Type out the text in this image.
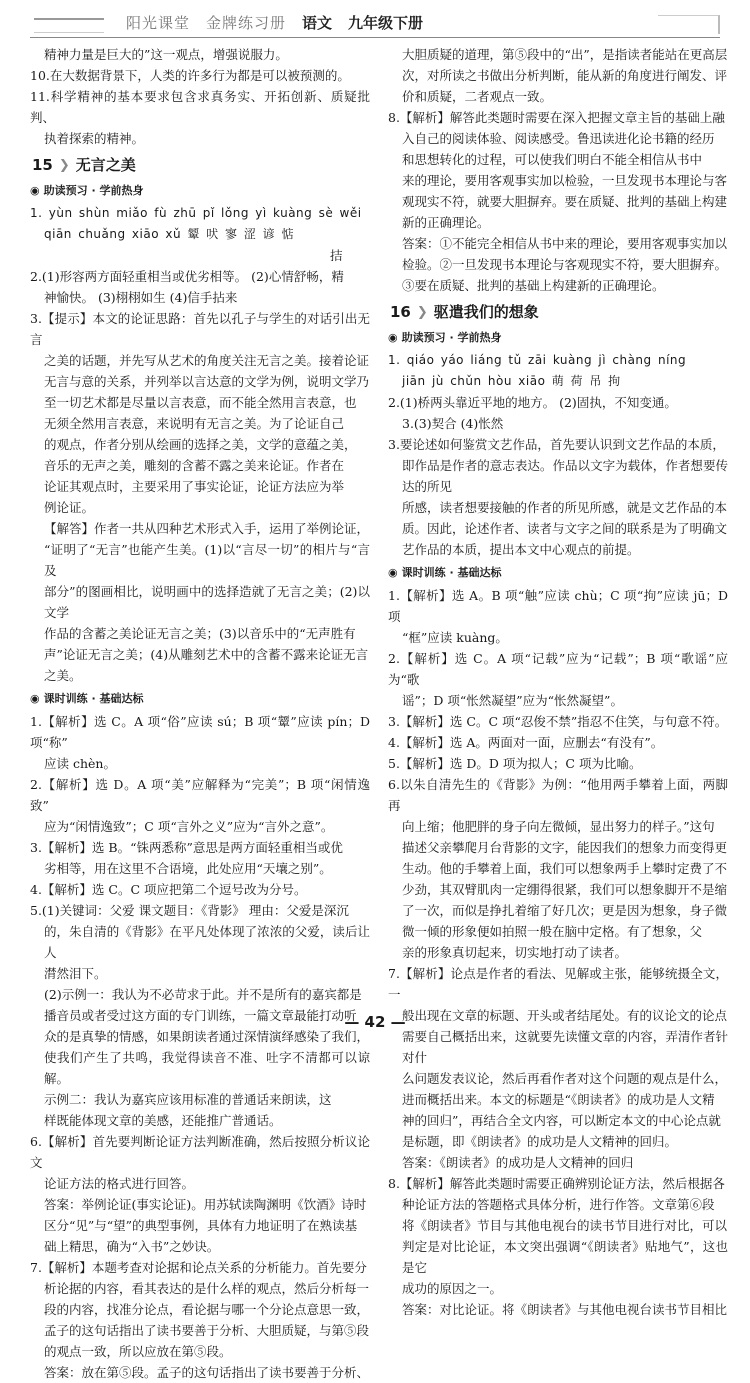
阳光课堂 金牌练习册 语文 九年级下册

精神力量是巨大的”这一观点，增强说服力。

10.在大数据背景下，人类的许多行为都是可以被预测的。

11.科学精神的基本要求包含求真务实、开拓创新、质疑批判、

执着探索的精神。

15 ❯ 无言之美
◉ 助读预习 · 学前热身

1. yùn shùn miǎo fù zhū pǐ lǒng yì kuàng sè wěi

qiān chuǎng xiāo xǔ 颦 吠 寥 涩 谚 惦

拮

2.(1)形容两方面轻重相当或优劣相等。 (2)心情舒畅，精

神愉快。 (3)栩栩如生 (4)信手拈来

3.【提示】本文的论证思路：首先以孔子与学生的对话引出无言

之美的话题，并先写从艺术的角度关注无言之美。接着论证

无言与意的关系，并列举以言达意的文学为例，说明文学乃

至一切艺术都是尽量以言表意，而不能全然用言表意，也

无须全然用言表意，来说明有无言之美。为了论证自己

的观点，作者分别从绘画的选择之美，文学的意蕴之美，

音乐的无声之美，雕刻的含蓄不露之美来论证。作者在

论证其观点时，主要采用了事实论证，论证方法应为举

例论证。

【解答】作者一共从四种艺术形式入手，运用了举例论证，

“证明了“无言”也能产生美。(1)以“言尽一切”的相片与“言及

部分”的图画相比，说明画中的选择造就了无言之美；(2)以文学

作品的含蓄之美论证无言之美；(3)以音乐中的“无声胜有

声”论证无言之美；(4)从雕刻艺术中的含蓄不露来论证无言

之美。

◉ 课时训练 · 基础达标

1.【解析】选 C。A 项“俗”应读 sú；B 项“颦”应读 pín；D 项“称”

应读 chèn。

2.【解析】选 D。A 项“美”应解释为“完美”；B 项“闲情逸致”

应为“闲情逸致”；C 项“言外之义”应为“言外之意”。

3.【解析】选 B。“铢两悉称”意思是两方面轻重相当或优

劣相等，用在这里不合语境，此处应用“天壤之别”。

4.【解析】选 C。C 项应把第二个逗号改为分号。

5.(1)关键词：父爱 课文题目：《背影》 理由：父爱是深沉

的，朱自清的《背影》在平凡处体现了浓浓的父爱，读后让人

潸然泪下。

(2)示例一：我认为不必苛求于此。并不是所有的嘉宾都是

播音员或者受过这方面的专门训练，一篇文章最能打动听

众的是真挚的情感，如果朗读者通过深情演绎感染了我们，

使我们产生了共鸣，我觉得读音不准、吐字不清都可以谅解。

示例二：我认为嘉宾应该用标准的普通话来朗读，这

样既能体现文章的美感，还能推广普通话。

6.【解析】首先要判断论证方法判断准确，然后按照分析议论文

论证方法的格式进行回答。

答案：举例论证(事实论证)。用苏轼读陶渊明《饮酒》诗时

区分“见”与“望”的典型事例，具体有力地证明了在熟读基

础上精思，确为“入书”之妙诀。

7.【解析】本题考查对论据和论点关系的分析能力。首先要分

析论据的内容，看其表达的是什么样的观点，然后分析每一

段的内容，找准分论点，看论据与哪一个分论点意思一致，

孟子的这句话指出了读书要善于分析、大胆质疑，与第⑤段

的观点一致，所以应放在第⑤段。

答案：放在第⑤段。孟子的这句话指出了读书要善于分析、

大胆质疑的道理，第⑤段中的“出”，是指读者能站在更高层

次，对所读之书做出分析判断，能从新的角度进行阐发、评

价和质疑，二者观点一致。

8.【解析】解答此类题时需要在深入把握文章主旨的基础上融

入自己的阅读体验、阅读感受。鲁迅读进化论书籍的经历

和思想转化的过程，可以使我们明白不能全相信从书中

来的理论，要用客观事实加以检验，一旦发现书本理论与客

观现实不符，就要大胆摒弃。要在质疑、批判的基础上构建

新的正确理论。

答案：①不能完全相信从书中来的理论，要用客观事实加以

检验。②一旦发现书本理论与客观现实不符，要大胆摒弃。

③要在质疑、批判的基础上构建新的正确理论。

16 ❯ 驱遣我们的想象
◉ 助读预习 · 学前热身

1. qiáo yáo liáng tǔ zāi kuàng jì chàng níng

jiān jù chǔn hòu xiāo 萌 荷 吊 拘

2.(1)桥两头靠近平地的地方。 (2)固执，不知变通。

3.(3)契合 (4)怅然

3.要论述如何鉴赏文艺作品，首先要认识到文艺作品的本质，

即作品是作者的意志表达。作品以文字为载体，作者想要传达的所见

所感，读者想要接触的作者的所见所感，就是文艺作品的本

质。因此，论述作者、读者与文字之间的联系是为了明确文

艺作品的本质，提出本文中心观点的前提。

◉ 课时训练 · 基础达标

1.【解析】选 A。B 项“触”应读 chù；C 项“拘”应读 jū；D 项

“框”应读 kuàng。

2.【解析】选 C。A 项“记载”应为“记载”；B 项“歌谣”应为“歌

谣”；D 项“怅然凝望”应为“怅然凝望”。

3.【解析】选 C。C 项“忍俊不禁”指忍不住笑，与句意不符。

4.【解析】选 A。两面对一面，应删去“有没有”。

5.【解析】选 D。D 项为拟人；C 项为比喻。

6.以朱自清先生的《背影》为例：“他用两手攀着上面，两脚再

向上缩；他肥胖的身子向左微倾，显出努力的样子。”这句

描述父亲攀爬月台背影的文字，能因我们的想象力而变得更

生动。他的手攀着上面，我们可以想象两手上攀时定费了不

少劲，其双臂肌肉一定绷得很紧，我们可以想象脚开不是缩

了一次，而似是挣扎着缩了好几次；更是因为想象，身子微

微一倾的形象便如拍照一般在脑中定格。有了想象，父

亲的形象真切起来，切实地打动了读者。

7.【解析】论点是作者的看法、见解或主张，能够统摄全文，一

般出现在文章的标题、开头或者结尾处。有的议论文的论点

需要自己概括出来，这就要先读懂文章的内容，弄清作者针对什

么问题发表议论，然后再看作者对这个问题的观点是什么，

进而概括出来。本文的标题是“《朗读者》的成功是人文精

神的回归”，再结合全文内容，可以断定本文的中心论点就

是标题，即《朗读者》的成功是人文精神的回归。

答案：《朗读者》的成功是人文精神的回归

8.【解析】解答此类题时需要正确辨别论证方法，然后根据各

种论证方法的答题格式具体分析，进行作答。文章第⑥段

将《朗读者》节目与其他电视台的读书节目进行对比，可以

判定是对比论证，本文突出强调“《朗读者》贴地气”，这也是它

成功的原因之一。

答案：对比论证。将《朗读者》与其他电视台读书节目相比

— 42 —
